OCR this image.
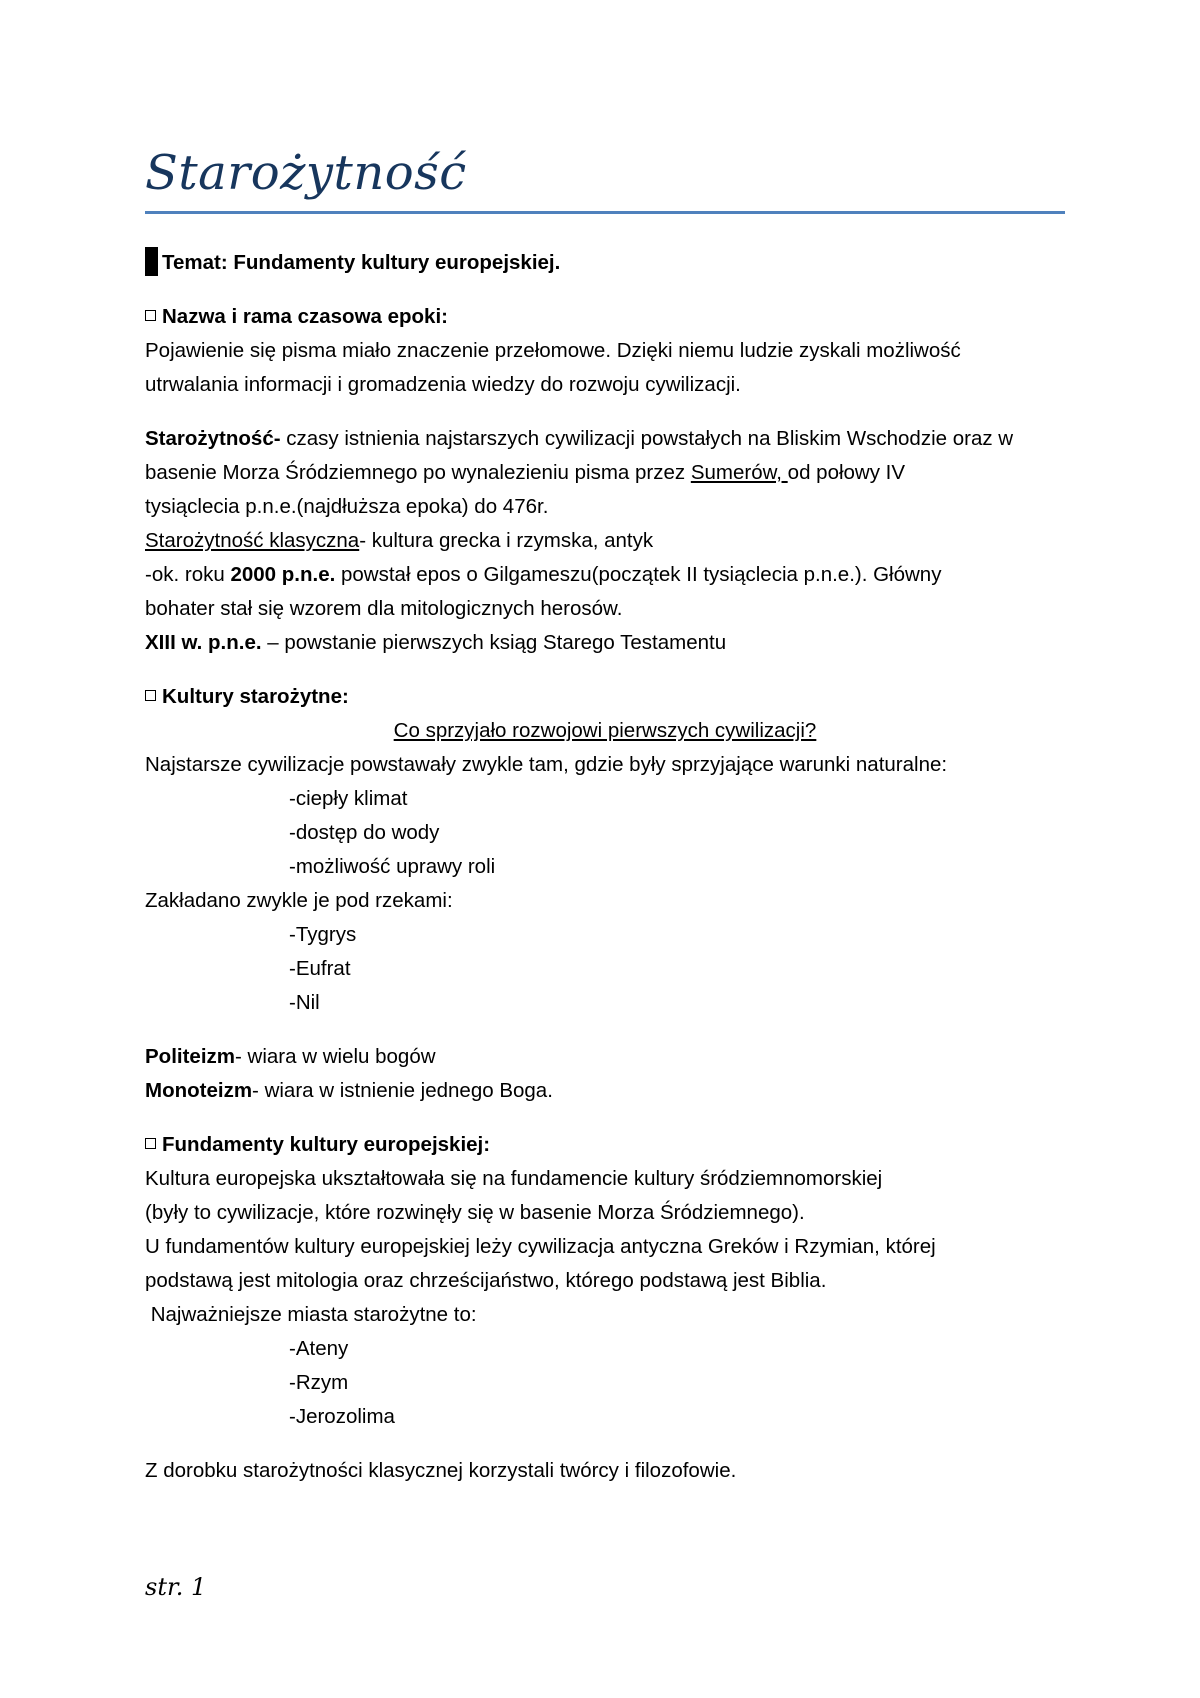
Starożytność
Temat: Fundamenty kultury europejskiej.
Nazwa i rama czasowa epoki:
Pojawienie się pisma miało znaczenie przełomowe. Dzięki niemu ludzie zyskali możliwość
utrwalania informacji i gromadzenia wiedzy do rozwoju cywilizacji.
Starożytność- czasy istnienia najstarszych cywilizacji powstałych na Bliskim Wschodzie oraz w
basenie Morza Śródziemnego po wynalezieniu pisma przez Sumerów, od połowy IV
tysiąclecia p.n.e.(najdłuższa epoka) do 476r.
Starożytność klasyczna- kultura grecka i rzymska, antyk
-ok. roku 2000 p.n.e. powstał epos o Gilgameszu(początek II tysiąclecia p.n.e.). Główny
bohater stał się wzorem dla mitologicznych herosów.
XIII w. p.n.e. – powstanie pierwszych ksiąg Starego Testamentu
Kultury starożytne:
Co sprzyjało rozwojowi pierwszych cywilizacji?
Najstarsze cywilizacje powstawały zwykle tam, gdzie były sprzyjające warunki naturalne:
-ciepły klimat
-dostęp do wody
-możliwość uprawy roli
Zakładano zwykle je pod rzekami:
-Tygrys
-Eufrat
-Nil
Politeizm- wiara w wielu bogów
Monoteizm- wiara w istnienie jednego Boga.
Fundamenty kultury europejskiej:
Kultura europejska ukształtowała się na fundamencie kultury śródziemnomorskiej
(były to cywilizacje, które rozwinęły się w basenie Morza Śródziemnego).
U fundamentów kultury europejskiej leży cywilizacja antyczna Greków i Rzymian, której
podstawą jest mitologia oraz chrześcijaństwo, którego podstawą jest Biblia.
Najważniejsze miasta starożytne to:
-Ateny
-Rzym
-Jerozolima
Z dorobku starożytności klasycznej korzystali twórcy i filozofowie.
str. 1
